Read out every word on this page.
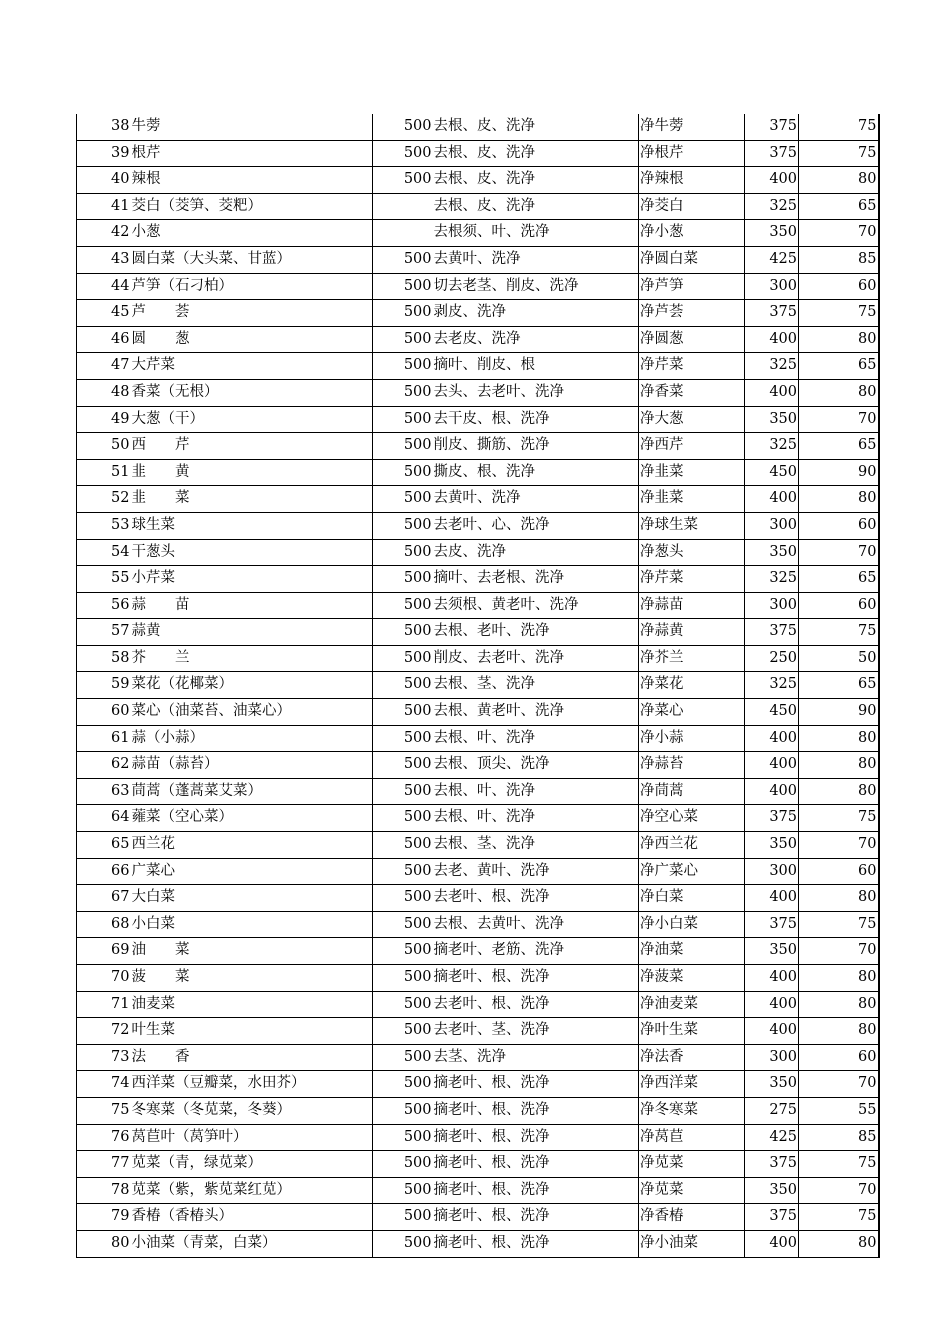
38	牛蒡	500	去根、皮、洗净	净牛蒡	375	75
39	根芹	500	去根、皮、洗净	净根芹	375	75
40	辣根	500	去根、皮、洗净	净辣根	400	80
41	茭白（茭笋、茭粑）		去根、皮、洗净	净茭白	325	65
42	小葱		去根须、叶、洗净	净小葱	350	70
43	圆白菜（大头菜、甘蓝）	500	去黄叶、洗净	净圆白菜	425	85
44	芦笋（石刁柏）	500	切去老茎、削皮、洗净	净芦笋	300	60
45	芦　　荟	500	剥皮、洗净	净芦荟	375	75
46	圆　　葱	500	去老皮、洗净	净圆葱	400	80
47	大芹菜	500	摘叶、削皮、根	净芹菜	325	65
48	香菜（无根）	500	去头、去老叶、洗净	净香菜	400	80
49	大葱（干）	500	去干皮、根、洗净	净大葱	350	70
50	西　　芹	500	削皮、撕筋、洗净	净西芹	325	65
51	韭　　黄	500	撕皮、根、洗净	净韭菜	450	90
52	韭　　菜	500	去黄叶、洗净	净韭菜	400	80
53	球生菜	500	去老叶、心、洗净	净球生菜	300	60
54	干葱头	500	去皮、洗净	净葱头	350	70
55	小芹菜	500	摘叶、去老根、洗净	净芹菜	325	65
56	蒜　　苗	500	去须根、黄老叶、洗净	净蒜苗	300	60
57	蒜黄	500	去根、老叶、洗净	净蒜黄	375	75
58	芥　　兰	500	削皮、去老叶、洗净	净芥兰	250	50
59	菜花（花椰菜）	500	去根、茎、洗净	净菜花	325	65
60	菜心（油菜苔、油菜心）	500	去根、黄老叶、洗净	净菜心	450	90
61	蒜（小蒜）	500	去根、叶、洗净	净小蒜	400	80
62	蒜苗（蒜苔）	500	去根、顶尖、洗净	净蒜苔	400	80
63	茼蒿（蓬蒿菜艾菜）	500	去根、叶、洗净	净茼蒿	400	80
64	蕹菜（空心菜）	500	去根、叶、洗净	净空心菜	375	75
65	西兰花	500	去根、茎、洗净	净西兰花	350	70
66	广菜心	500	去老、黄叶、洗净	净广菜心	300	60
67	大白菜	500	去老叶、根、洗净	净白菜	400	80
68	小白菜	500	去根、去黄叶、洗净	净小白菜	375	75
69	油　　菜	500	摘老叶、老筋、洗净	净油菜	350	70
70	菠　　菜	500	摘老叶、根、洗净	净菠菜	400	80
71	油麦菜	500	去老叶、根、洗净	净油麦菜	400	80
72	叶生菜	500	去老叶、茎、洗净	净叶生菜	400	80
73	法　　香	500	去茎、洗净	净法香	300	60
74	西洋菜（豆瓣菜，水田芥）	500	摘老叶、根、洗净	净西洋菜	350	70
75	冬寒菜（冬苋菜，冬葵）	500	摘老叶、根、洗净	净冬寒菜	275	55
76	莴苣叶（莴笋叶）	500	摘老叶、根、洗净	净莴苣	425	85
77	苋菜（青，绿苋菜）	500	摘老叶、根、洗净	净苋菜	375	75
78	苋菜（紫，紫苋菜红苋）	500	摘老叶、根、洗净	净苋菜	350	70
79	香椿（香椿头）	500	摘老叶、根、洗净	净香椿	375	75
80	小油菜（青菜，白菜）	500	摘老叶、根、洗净	净小油菜	400	80
